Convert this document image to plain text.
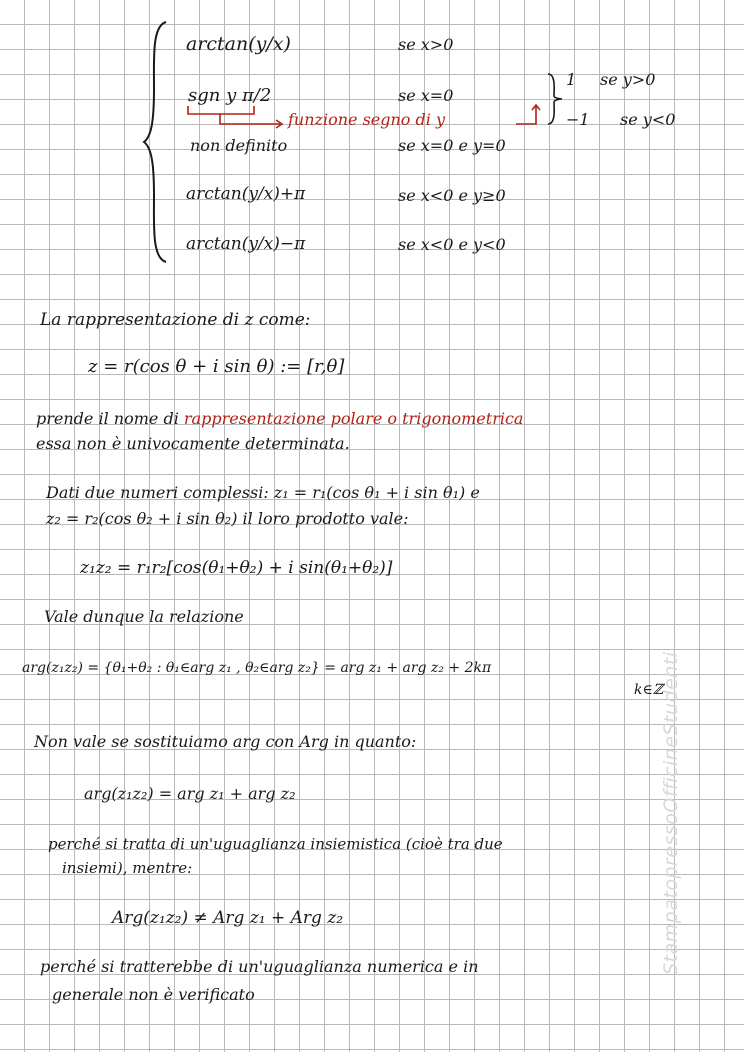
arctan(y/x)	se x>0
sgn y π/2	se x=0
funzione segno di y
1 se y>0
−1 se y<0
non definito	se x=0 e y=0
arctan(y/x)+π	se x<0 e y≥0
arctan(y/x)−π	se x<0 e y<0
La rappresentazione di z come:
z = r(cos θ + i sin θ) := [r,θ]
prende il nome di rappresentazione polare o trigonometrica
essa non è univocamente determinata.
Dati due numeri complessi: z₁ = r₁(cos θ₁ + i sin θ₁) e
z₂ = r₂(cos θ₂ + i sin θ₂) il loro prodotto vale:
z₁z₂ = r₁r₂[cos(θ₁+θ₂) + i sin(θ₁+θ₂)]
Vale dunque la relazione
arg(z₁z₂) = {θ₁+θ₂ : θ₁∈arg z₁ , θ₂∈arg z₂} = arg z₁ + arg z₂ + 2kπ
k∈ℤ
Non vale se sostituiamo arg con Arg in quanto:
arg(z₁z₂) = arg z₁ + arg z₂
perché si tratta di un'uguaglianza insiemistica (cioè tra due
insiemi), mentre:
Arg(z₁z₂) ≠ Arg z₁ + Arg z₂
perché si tratterebbe di un'uguaglianza numerica e in
generale non è verificato
StampatopressoOfficineStudenti
